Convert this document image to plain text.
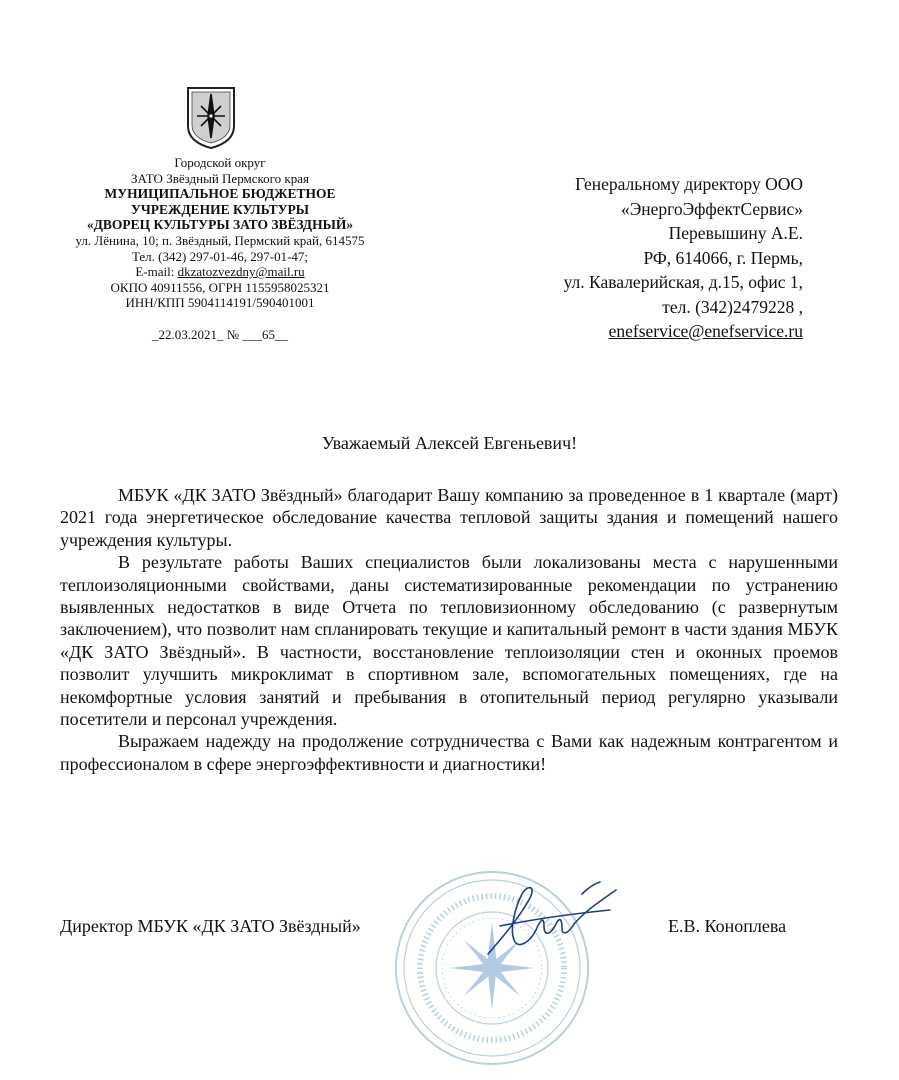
Городской округ
ЗАТО Звёздный Пермского края
МУНИЦИПАЛЬНОЕ БЮДЖЕТНОЕ
УЧРЕЖДЕНИЕ КУЛЬТУРЫ
«ДВОРЕЦ КУЛЬТУРЫ ЗАТО ЗВЁЗДНЫЙ»
ул. Лёнина, 10; п. Звёздный, Пермский край, 614575
Тел. (342) 297-01-46, 297-01-47;
E-mail: dkzatozvezdny@mail.ru
ОКПО 40911556, ОГРН 1155958025321
ИНН/КПП 5904114191/590401001
_22.03.2021_ № ___65__
Генеральному директору ООО
«ЭнергоЭффектСервис»
Перевышину А.Е.
РФ, 614066, г. Пермь,
ул. Кавалерийская, д.15, офис 1,
тел. (342)2479228 ,
enefservice@enefservice.ru
Уважаемый Алексей Евгеньевич!

МБУК «ДК ЗАТО Звёздный» благодарит Вашу компанию за проведенное в 1 квартале (март) 2021 года энергетическое обследование качества тепловой защиты здания и помещений нашего учреждения культуры.

В результате работы Ваших специалистов были локализованы места с нарушенными теплоизоляционными свойствами, даны систематизированные рекомендации по устранению выявленных недостатков в виде Отчета по тепловизионному обследованию (с развернутым заключением), что позволит нам спланировать текущие и капитальный ремонт в части здания МБУК «ДК ЗАТО Звёздный». В частности, восстановление теплоизоляции стен и оконных проемов позволит улучшить микроклимат в спортивном зале, вспомогательных помещениях, где на некомфортные условия занятий и пребывания в отопительный период регулярно указывали посетители и персонал учреждения.

Выражаем надежду на продолжение сотрудничества с Вами как надежным контрагентом и профессионалом в сфере энергоэффективности и диагностики!

Директор МБУК «ДК ЗАТО Звёздный»	Е.В. Коноплева
